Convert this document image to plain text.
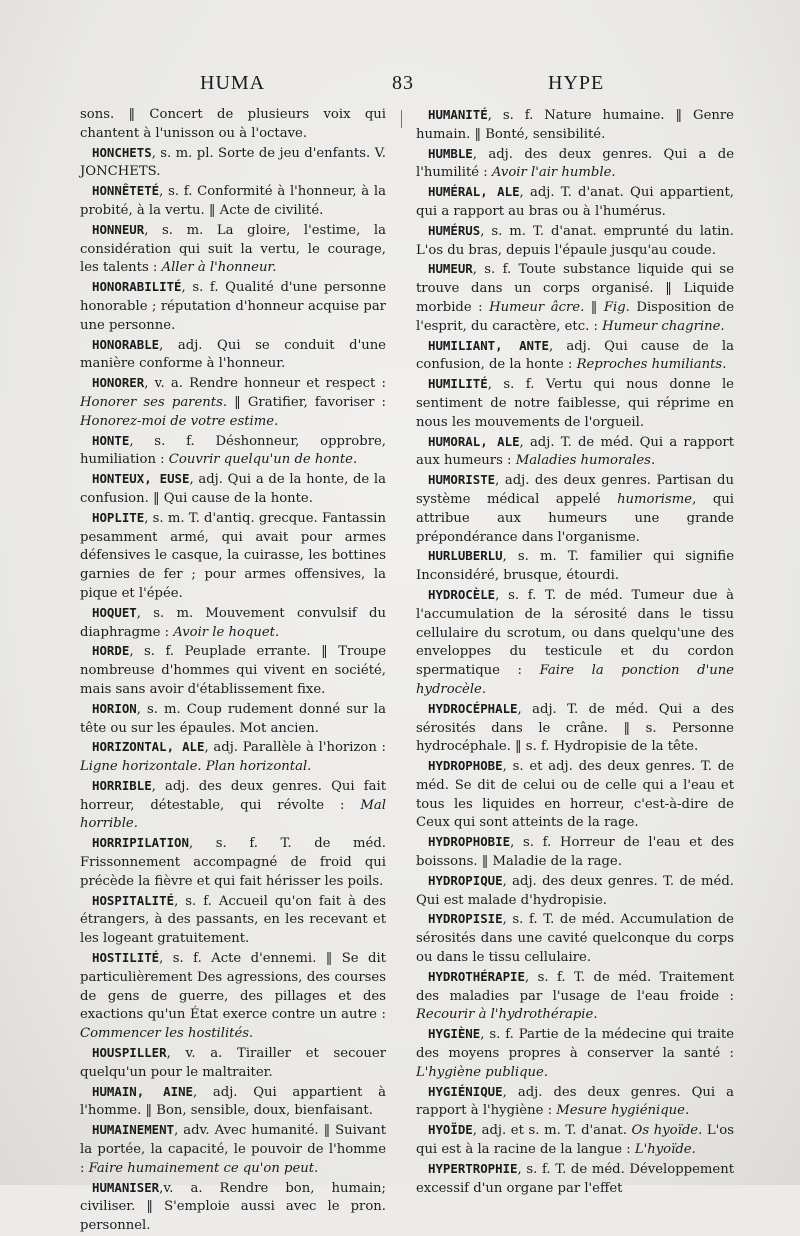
HUMA	83	HYPE

sons. ‖ Concert de plusieurs voix qui chantent à l'unisson ou à l'octave.

HONCHETS, s. m. pl. Sorte de jeu d'enfants. V. JONCHETS.

HONNÊTETÉ, s. f. Conformité à l'honneur, à la probité, à la vertu. ‖ Acte de civilité.

HONNEUR, s. m. La gloire, l'estime, la considération qui suit la vertu, le courage, les talents : Aller à l'honneur.

HONORABILITÉ, s. f. Qualité d'une personne honorable ; réputation d'honneur acquise par une personne.

HONORABLE, adj. Qui se conduit d'une manière conforme à l'honneur.

HONORER, v. a. Rendre honneur et respect : Honorer ses parents. ‖ Gratifier, favoriser : Honorez-moi de votre estime.

HONTE, s. f. Déshonneur, opprobre, humiliation : Couvrir quelqu'un de honte.

HONTEUX, EUSE, adj. Qui a de la honte, de la confusion. ‖ Qui cause de la honte.

HOPLITE, s. m. T. d'antiq. grecque. Fantassin pesamment armé, qui avait pour armes défensives le casque, la cuirasse, les bottines garnies de fer ; pour armes offensives, la pique et l'épée.

HOQUET, s. m. Mouvement convulsif du diaphragme : Avoir le hoquet.

HORDE, s. f. Peuplade errante. ‖ Troupe nombreuse d'hommes qui vivent en société, mais sans avoir d'établissement fixe.

HORION, s. m. Coup rudement donné sur la tête ou sur les épaules. Mot ancien.

HORIZONTAL, ALE, adj. Parallèle à l'horizon : Ligne horizontale. Plan horizontal.

HORRIBLE, adj. des deux genres. Qui fait horreur, détestable, qui révolte : Mal horrible.

HORRIPILATION, s. f. T. de méd. Frissonnement accompagné de froid qui précède la fièvre et qui fait hérisser les poils.

HOSPITALITÉ, s. f. Accueil qu'on fait à des étrangers, à des passants, en les recevant et les logeant gratuitement.

HOSTILITÉ, s. f. Acte d'ennemi. ‖ Se dit particulièrement Des agressions, des courses de gens de guerre, des pillages et des exactions qu'un État exerce contre un autre : Commencer les hostilités.

HOUSPILLER, v. a. Tirailler et secouer quelqu'un pour le maltraiter.

HUMAIN, AINE, adj. Qui appartient à l'homme. ‖ Bon, sensible, doux, bienfaisant.

HUMAINEMENT, adv. Avec humanité. ‖ Suivant la portée, la capacité, le pouvoir de l'homme : Faire humainement ce qu'on peut.

HUMANISER,v. a. Rendre bon, humain; civiliser. ‖ S'emploie aussi avec le pron. personnel.

HUMANITÉ, s. f. Nature humaine. ‖ Genre humain. ‖ Bonté, sensibilité.

HUMBLE, adj. des deux genres. Qui a de l'humilité : Avoir l'air humble.

HUMÉRAL, ALE, adj. T. d'anat. Qui appartient, qui a rapport au bras ou à l'humérus.

HUMÉRUS, s. m. T. d'anat. emprunté du latin. L'os du bras, depuis l'épaule jusqu'au coude.

HUMEUR, s. f. Toute substance liquide qui se trouve dans un corps organisé. ‖ Liquide morbide : Humeur âcre. ‖ Fig. Disposition de l'esprit, du caractère, etc. : Humeur chagrine.

HUMILIANT, ANTE, adj. Qui cause de la confusion, de la honte : Reproches humiliants.

HUMILITÉ, s. f. Vertu qui nous donne le sentiment de notre faiblesse, qui réprime en nous les mouvements de l'orgueil.

HUMORAL, ALE, adj. T. de méd. Qui a rapport aux humeurs : Maladies humorales.

HUMORISTE, adj. des deux genres. Partisan du système médical appelé humorisme, qui attribue aux humeurs une grande prépondérance dans l'organisme.

HURLUBERLU, s. m. T. familier qui signifie Inconsidéré, brusque, étourdi.

HYDROCÈLE, s. f. T. de méd. Tumeur due à l'accumulation de la sérosité dans le tissu cellulaire du scrotum, ou dans quelqu'une des enveloppes du testicule et du cordon spermatique : Faire la ponction d'une hydrocèle.

HYDROCÉPHALE, adj. T. de méd. Qui a des sérosités dans le crâne. ‖ s. Personne hydrocéphale. ‖ s. f. Hydropisie de la tête.

HYDROPHOBE, s. et adj. des deux genres. T. de méd. Se dit de celui ou de celle qui a l'eau et tous les liquides en horreur, c'est-à-dire de Ceux qui sont atteints de la rage.

HYDROPHOBIE, s. f. Horreur de l'eau et des boissons. ‖ Maladie de la rage.

HYDROPIQUE, adj. des deux genres. T. de méd. Qui est malade d'hydropisie.

HYDROPISIE, s. f. T. de méd. Accumulation de sérosités dans une cavité quelconque du corps ou dans le tissu cellulaire.

HYDROTHÉRAPIE, s. f. T. de méd. Traitement des maladies par l'usage de l'eau froide : Recourir à l'hydrothérapie.

HYGIÈNE, s. f. Partie de la médecine qui traite des moyens propres à conserver la santé : L'hygiène publique.

HYGIÉNIQUE, adj. des deux genres. Qui a rapport à l'hygiène : Mesure hygiénique.

HYOÏDE, adj. et s. m. T. d'anat. Os hyoïde. L'os qui est à la racine de la langue : L'hyoïde.

HYPERTROPHIE, s. f. T. de méd. Développement excessif d'un organe par l'effet
